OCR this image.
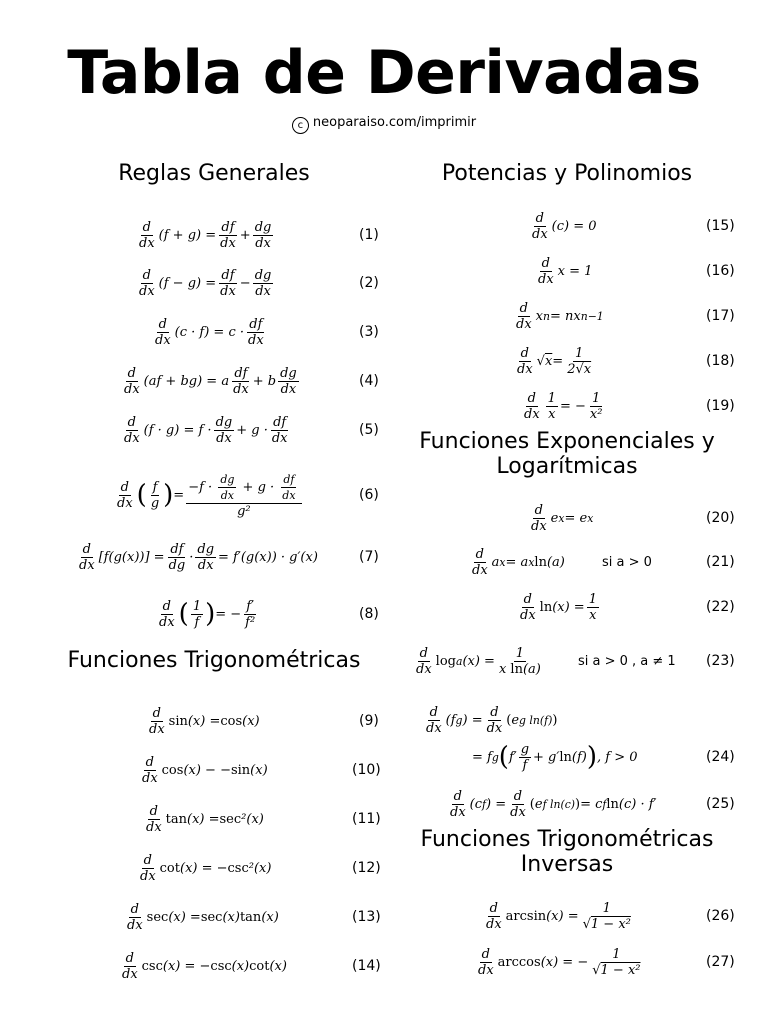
Tabla de Derivadas
c neoparaiso.com/imprimir
Reglas Generales
d
dx
(f + g) =
df
dx
+
dg
dx	(1)
d
dx
(f − g) =
df
dx
−
dg
dx	(2)
d
dx
(c · f) = c ·
df
dx	(3)
d
dx
(af + bg) = a
df
dx
+ b
dg
dx	(4)
d
dx
(f · g) = f ·
dg
dx
+ g ·
df
dx	(5)
d
dx ( f
g ) =
$-f \cdot \frac{dg}{dx} + g \cdot \frac{df}{dx}$
g²
(6)
d
dx
[f(g(x))] =
df
dg
·
dg
dx
= f′(g(x)) · g′(x)	(7)
d
dx ( 1
f ) = −
f′
f²	(8)
Funciones Trigonométricas
d
dx
sin (x) = cos (x)	(9)
d
dx
cos (x) − − sin (x)	(10)
d
dx
tan (x) = sec ²(x)	(11)
d
dx
cot (x) = − csc ²(x)	(12)
d
dx
sec (x) = sec (x) tan (x)	(13)
d
dx
csc (x) = − csc (x) cot (x)	(14)
Potencias y Polinomios
d
dx
(c) = 0	(15)
d
dx
x = 1	(16)
d
dx
x n = nx n−1	(17)
d
dx
√ x =
1
2√x	(18)
d
dx
1
x
= −
1
x²	(19)
Funciones Exponenciales y Logarítmicas
d
dx
e x = e x	(20)
d
dx
a x = a x ln (a)	si a > 0	(21)
d
dx
ln (x) =
1
x	(22)
d
dx
log a (x) =
1
x ln(a)
si a > 0 , a ≠ 1 (23)
d
dx
(f g ) =
d
dx
( e g ln(f) )
= f g ( f′
g
f
+ g′ ln (f) ) , f > 0	(24)
d
dx
(c f ) =
d
dx
( e f ln(c) ) = c f ln (c) · f′	(25)
Funciones Trigonométricas Inversas
d
dx
arcsin (x) =
1
√1 − x²	(26)
d
dx
arccos (x) = −
1
√1 − x²	(27)
